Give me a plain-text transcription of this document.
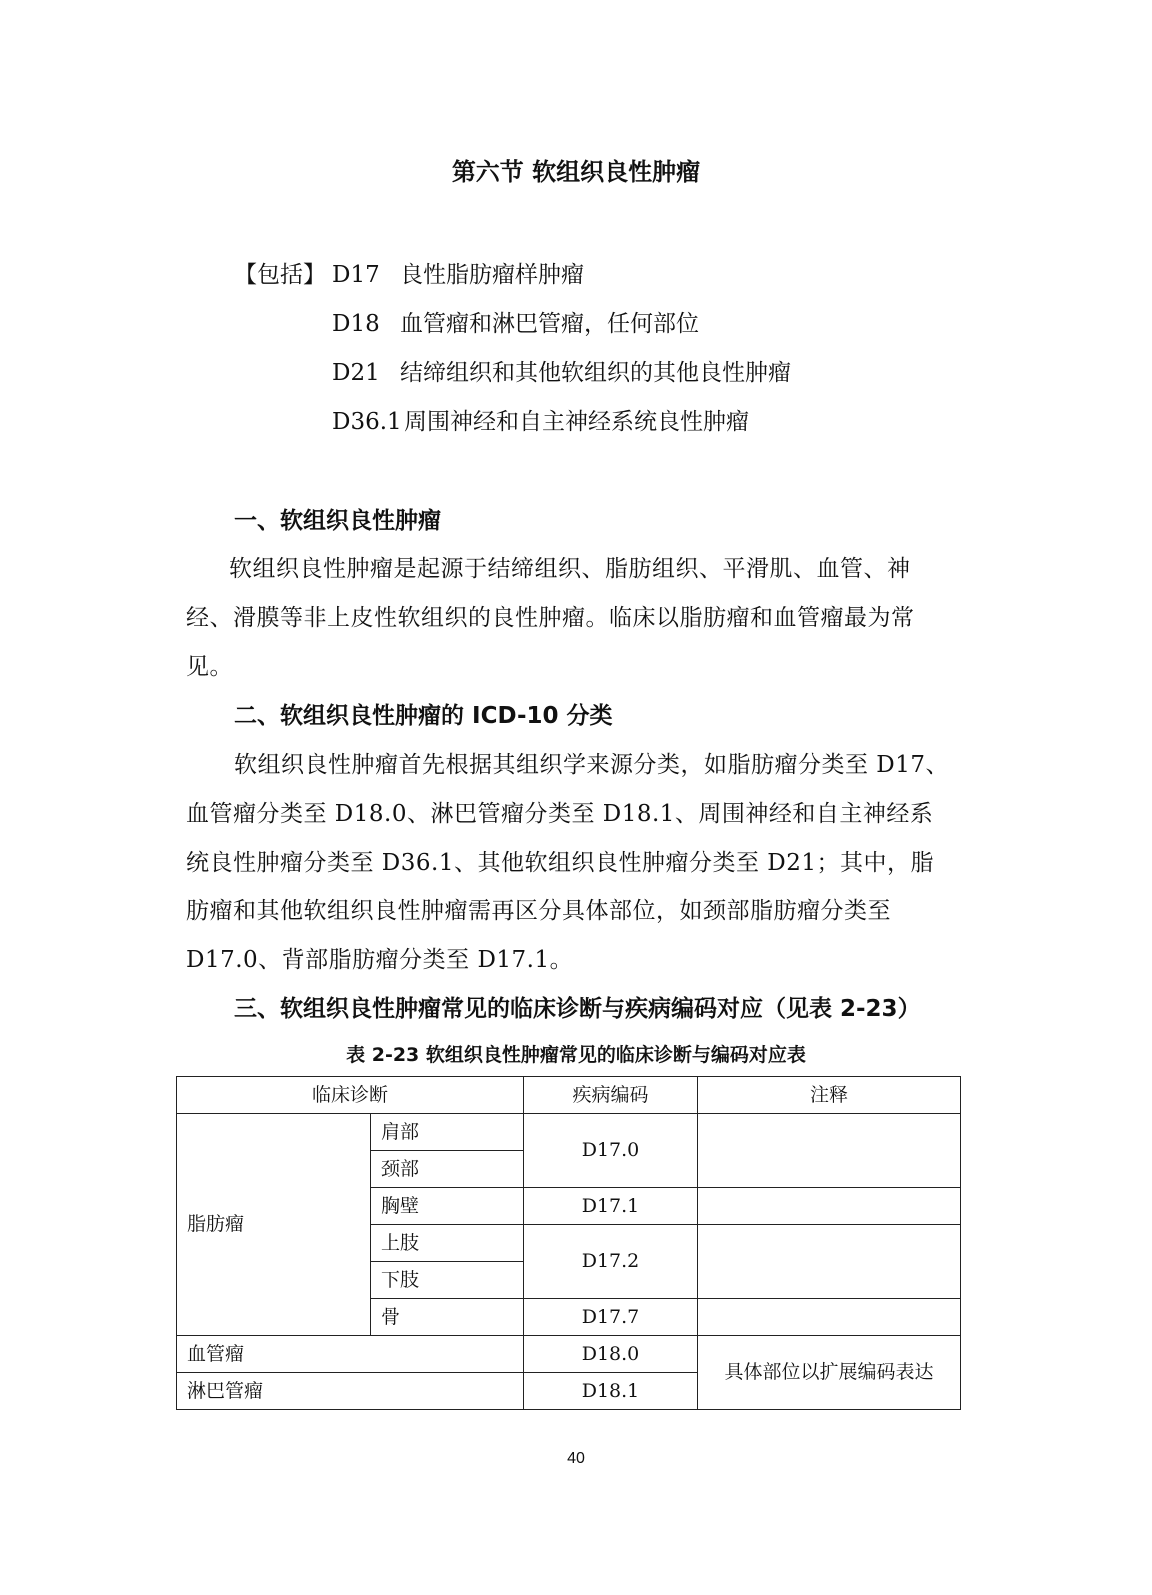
第六节 软组织良性肿瘤
【包括】 D17 良性脂肪瘤样肿瘤
D18 血管瘤和淋巴管瘤，任何部位
D21 结缔组织和其他软组织的其他良性肿瘤
D36.1 周围神经和自主神经系统良性肿瘤
一、软组织良性肿瘤
软组织良性肿瘤是起源于结缔组织、脂肪组织、平滑肌、血管、神
经、滑膜等非上皮性软组织的良性肿瘤。临床以脂肪瘤和血管瘤最为常
见。
二、软组织良性肿瘤的 ICD-10 分类
软组织良性肿瘤首先根据其组织学来源分类，如脂肪瘤分类至 D17、
血管瘤分类至 D18.0、淋巴管瘤分类至 D18.1、周围神经和自主神经系
统良性肿瘤分类至 D36.1、其他软组织良性肿瘤分类至 D21；其中，脂
肪瘤和其他软组织良性肿瘤需再区分具体部位，如颈部脂肪瘤分类至
D17.0、背部脂肪瘤分类至 D17.1。
三、软组织良性肿瘤常见的临床诊断与疾病编码对应（见表 2-23）
表 2-23 软组织良性肿瘤常见的临床诊断与编码对应表
临床诊断		疾病编码	注释
脂肪瘤	肩部	D17.0	
	颈部		
	胸壁	D17.1	
	上肢	D17.2	
	下肢		
	骨	D17.7	
血管瘤		D18.0	具体部位以扩展编码表达
淋巴管瘤		D18.1	
40
